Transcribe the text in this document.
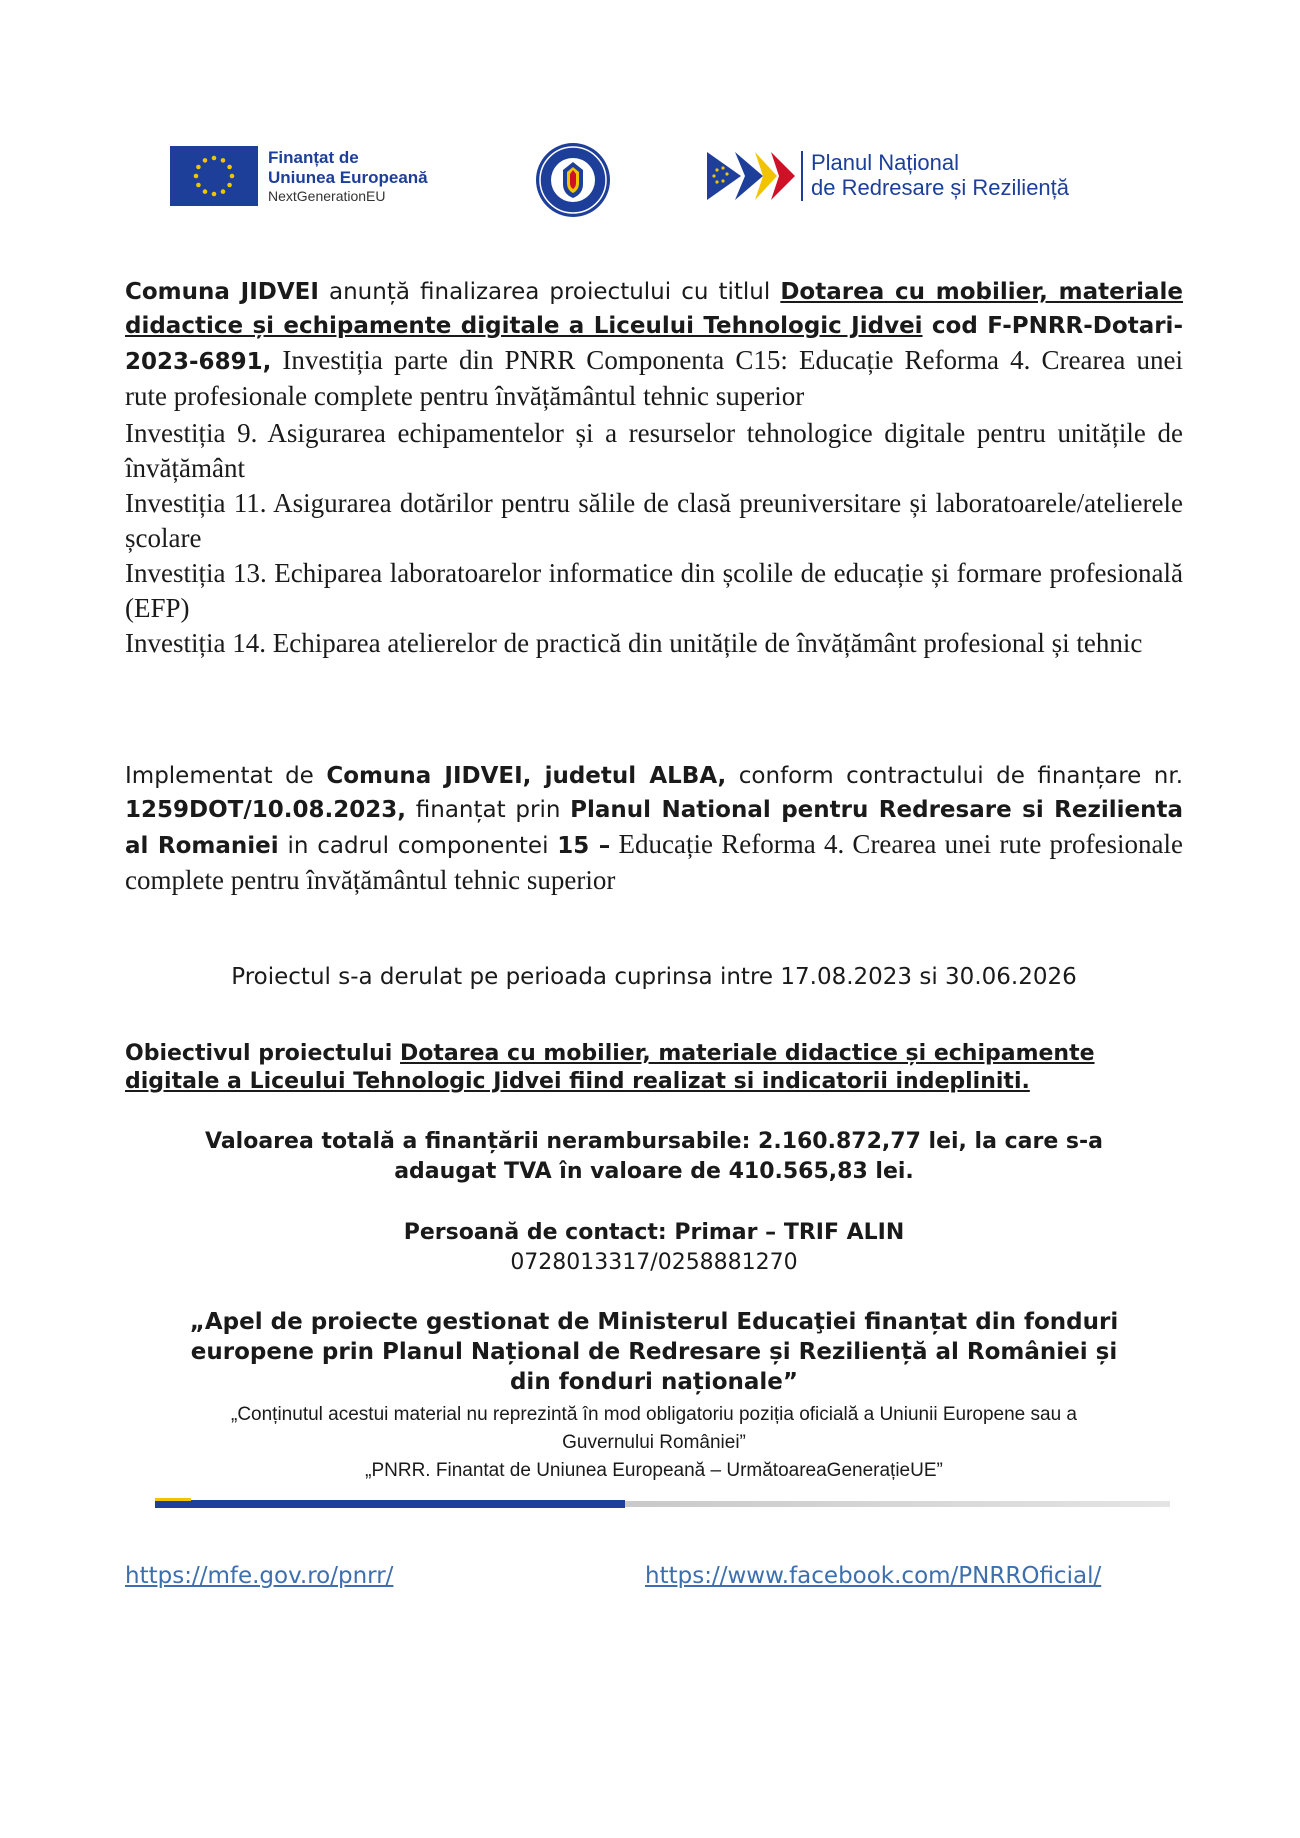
Finanțat de
Uniunea Europeană
NextGenerationEU
Planul Național
de Redresare și Reziliență
Comuna JIDVEI anunță finalizarea proiectului cu titlul Dotarea cu mobilier, materiale didactice și echipamente digitale a Liceului Tehnologic Jidvei cod F-PNRR-Dotari-2023-6891, Investiția parte din PNRR Componenta C15: Educație Reforma 4. Crearea unei rute profesionale complete pentru învățământul tehnic superior
Investiția 9. Asigurarea echipamentelor și a resurselor tehnologice digitale pentru unitățile de învățământ
Investiția 11. Asigurarea dotărilor pentru sălile de clasă preuniversitare și laboratoarele/atelierele școlare
Investiția 13. Echiparea laboratoarelor informatice din școlile de educație și formare profesională (EFP)
Investiția 14. Echiparea atelierelor de practică din unitățile de învățământ profesional și tehnic
Implementat de Comuna JIDVEI, judetul ALBA, conform contractului de finanțare nr. 1259DOT/10.08.2023, finanțat prin Planul National pentru Redresare si Rezilienta al Romaniei in cadrul componentei 15 – Educație Reforma 4. Crearea unei rute profesionale complete pentru învățământul tehnic superior
Proiectul s-a derulat pe perioada cuprinsa intre 17.08.2023 si 30.06.2026
Obiectivul proiectului Dotarea cu mobilier, materiale didactice și echipamente digitale a Liceului Tehnologic Jidvei fiind realizat si indicatorii indepliniti.
Valoarea totală a finanțării nerambursabile: 2.160.872,77 lei, la care s-a
adaugat TVA în valoare de 410.565,83 lei.
Persoană de contact: Primar – TRIF ALIN
0728013317/0258881270
„Apel de proiecte gestionat de Ministerul Educaţiei finanțat din fonduri
europene prin Planul Național de Redresare și Reziliență al României și
din fonduri naționale”
„Conținutul acestui material nu reprezintă în mod obligatoriu poziția oficială a Uniunii Europene sau a
Guvernului României”
„PNRR. Finantat de Uniunea Europeană – UrmătoareaGenerațieUE”
https://mfe.gov.ro/pnrr/	https://www.facebook.com/PNRROficial/
